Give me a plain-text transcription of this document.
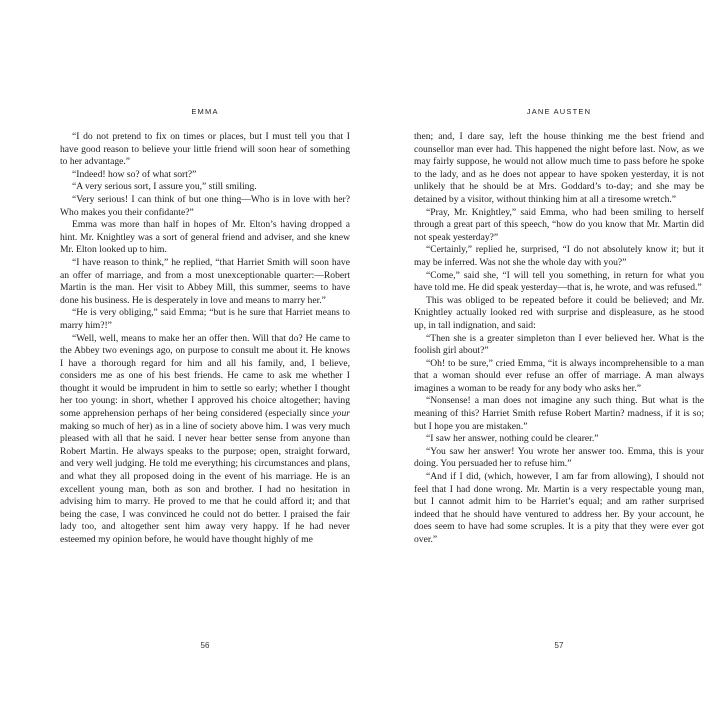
EMMA

“I do not pretend to fix on times or places, but I must tell you that I have good reason to believe your little friend will soon hear of something to her advantage.”

“Indeed! how so? of what sort?”

“A very serious sort, I assure you,” still smiling.

“Very serious! I can think of but one thing—Who is in love with her? Who makes you their confidante?”

Emma was more than half in hopes of Mr. Elton’s having dropped a hint. Mr. Knightley was a sort of general friend and adviser, and she knew Mr. Elton looked up to him.

“I have reason to think,” he replied, “that Harriet Smith will soon have an offer of marriage, and from a most unexceptionable quarter:—Robert Martin is the man. Her visit to Abbey Mill, this summer, seems to have done his business. He is desperately in love and means to marry her.”

“He is very obliging,” said Emma; “but is he sure that Harriet means to marry him?!”

“Well, well, means to make her an offer then. Will that do? He came to the Abbey two evenings ago, on purpose to consult me about it. He knows I have a thorough regard for him and all his family, and, I believe, considers me as one of his best friends. He came to ask me whether I thought it would be imprudent in him to settle so early; whether I thought her too young: in short, whether I approved his choice altogether; having some apprehension perhaps of her being considered (especially since your making so much of her) as in a line of society above him. I was very much pleased with all that he said. I never hear better sense from anyone than Robert Martin. He always speaks to the purpose; open, straight forward, and very well judging. He told me everything; his circumstances and plans, and what they all proposed doing in the event of his marriage. He is an excellent young man, both as son and brother. I had no hesitation in advising him to marry. He proved to me that he could afford it; and that being the case, I was convinced he could not do better. I praised the fair lady too, and altogether sent him away very happy. If he had never esteemed my opinion before, he would have thought highly of me

56
JANE AUSTEN

then; and, I dare say, left the house thinking me the best friend and counsellor man ever had. This happened the night before last. Now, as we may fairly suppose, he would not allow much time to pass before he spoke to the lady, and as he does not appear to have spoken yesterday, it is not unlikely that he should be at Mrs. Goddard’s to-day; and she may be detained by a visitor, without thinking him at all a tiresome wretch.”

“Pray, Mr. Knightley,” said Emma, who had been smiling to herself through a great part of this speech, “how do you know that Mr. Martin did not speak yesterday?”

“Certainly,” replied he, surprised, “I do not absolutely know it; but it may be inferred. Was not she the whole day with you?”

“Come,” said she, “I will tell you something, in return for what you have told me. He did speak yesterday—that is, he wrote, and was refused.”

This was obliged to be repeated before it could be believed; and Mr. Knightley actually looked red with surprise and displeasure, as he stood up, in tall indignation, and said:

“Then she is a greater simpleton than I ever believed her. What is the foolish girl about?”

“Oh! to be sure,” cried Emma, “it is always incomprehensible to a man that a woman should ever refuse an offer of marriage. A man always imagines a woman to be ready for any body who asks her.”

“Nonsense! a man does not imagine any such thing. But what is the meaning of this? Harriet Smith refuse Robert Martin? madness, if it is so; but I hope you are mistaken.”

“I saw her answer, nothing could be clearer.”

“You saw her answer! You wrote her answer too. Emma, this is your doing. You persuaded her to refuse him.”

“And if I did, (which, however, I am far from allowing), I should not feel that I had done wrong. Mr. Martin is a very respectable young man, but I cannot admit him to be Harriet’s equal; and am rather surprised indeed that he should have ventured to address her. By your account, he does seem to have had some scruples. It is a pity that they were ever got over.”

57
